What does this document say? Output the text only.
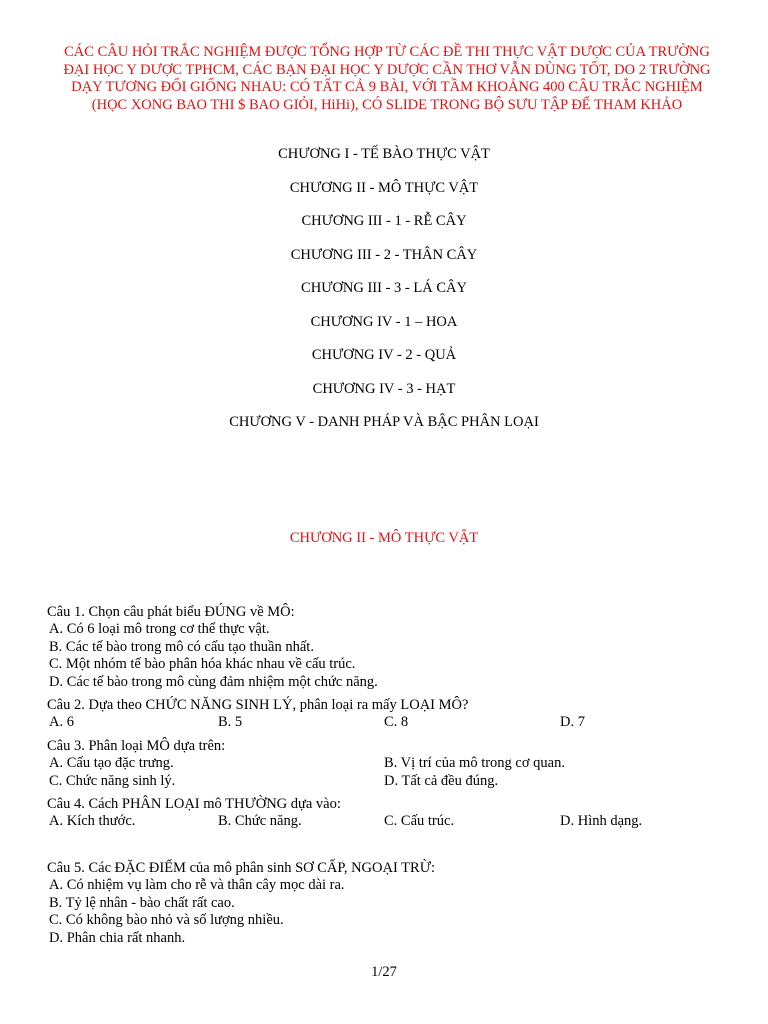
CÁC CÂU HỎI TRẮC NGHIỆM ĐƯỢC TỔNG HỢP TỪ CÁC ĐỀ THI THỰC VẬT DƯỢC CỦA TRƯỜNG ĐẠI HỌC Y DƯỢC TPHCM, CÁC BẠN ĐẠI HỌC Y DƯỢC CẦN THƠ VẪN DÙNG TỐT, DO 2 TRƯỜNG DẠY TƯƠNG ĐỐI GIỐNG NHAU: CÓ TẤT CẢ 9 BÀI, VỚI TẦM KHOẢNG 400 CÂU TRẮC NGHIỆM (HỌC XONG BAO THI $ BAO GIỎI, HiHi), CÓ SLIDE TRONG BỘ SƯU TẬP ĐỂ THAM KHẢO
CHƯƠNG I - TẾ BÀO THỰC VẬT
CHƯƠNG II - MÔ THỰC VẬT
CHƯƠNG III - 1 - RỄ CÂY
CHƯƠNG III - 2 - THÂN CÂY
CHƯƠNG III - 3 - LÁ CÂY
CHƯƠNG IV - 1 – HOA
CHƯƠNG IV - 2 - QUẢ
CHƯƠNG IV - 3 - HẠT
CHƯƠNG V - DANH PHÁP VÀ BẬC PHÂN LOẠI
CHƯƠNG II - MÔ THỰC VẬT
Câu 1. Chọn câu phát biểu ĐÚNG về MÔ:
A. Có 6 loại mô trong cơ thể thực vật.
B. Các tế bào trong mô có cấu tạo thuần nhất.
C. Một nhóm tế bào phân hóa khác nhau về cấu trúc.
D. Các tế bào trong mô cùng đảm nhiệm một chức năng.
Câu 2. Dựa theo CHỨC NĂNG SINH LÝ, phân loại ra mấy LOẠI MÔ?
A. 6	B. 5	C. 8	D. 7
Câu 3. Phân loại MÔ dựa trên:
A. Cấu tạo đặc trưng.	B. Vị trí của mô trong cơ quan.
C. Chức năng sinh lý.	D. Tất cả đều đúng.
Câu 4. Cách PHÂN LOẠI mô THƯỜNG dựa vào:
A. Kích thước.	B. Chức năng.	C. Cấu trúc.	D. Hình dạng.
Câu 5. Các ĐẶC ĐIỂM của mô phân sinh SƠ CẤP, NGOẠI TRỪ:
A. Có nhiệm vụ làm cho rễ và thân cây mọc dài ra.
B. Tỷ lệ nhân - bào chất rất cao.
C. Có không bào nhỏ và số lượng nhiều.
D. Phân chia rất nhanh.
1/27
